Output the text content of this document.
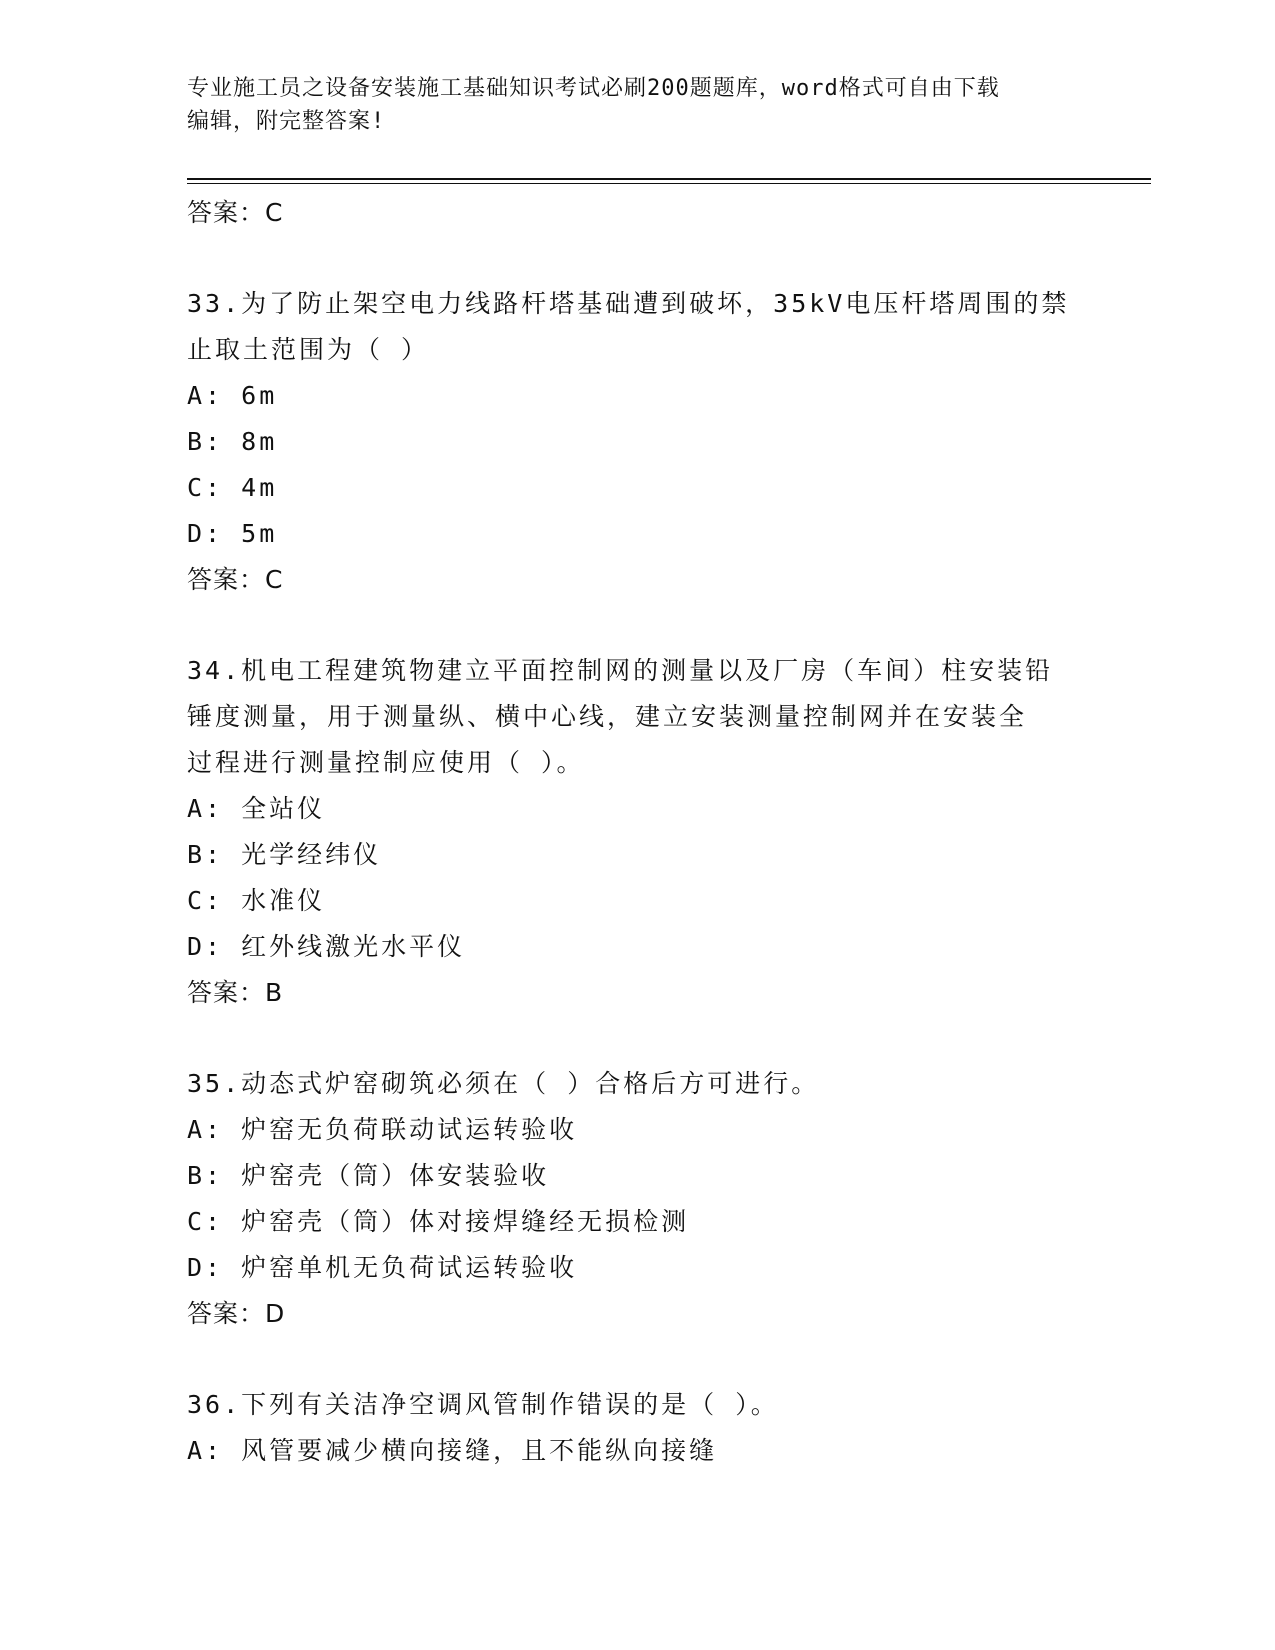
专业施工员之设备安装施工基础知识考试必刷200题题库，word格式可自由下载
编辑，附完整答案!
答案：C
33.为了防止架空电力线路杆塔基础遭到破坏，35kV电压杆塔周围的禁
止取土范围为（ ）
A: 6m
B: 8m
C: 4m
D: 5m
答案：C
34.机电工程建筑物建立平面控制网的测量以及厂房（车间）柱安装铅
锤度测量，用于测量纵、横中心线，建立安装测量控制网并在安装全
过程进行测量控制应使用（ ）。
A: 全站仪
B: 光学经纬仪
C: 水准仪
D: 红外线激光水平仪
答案：B
35.动态式炉窑砌筑必须在（ ）合格后方可进行。
A: 炉窑无负荷联动试运转验收
B: 炉窑壳（筒）体安装验收
C: 炉窑壳（筒）体对接焊缝经无损检测
D: 炉窑单机无负荷试运转验收
答案：D
36.下列有关洁净空调风管制作错误的是（ ）。
A: 风管要减少横向接缝，且不能纵向接缝
